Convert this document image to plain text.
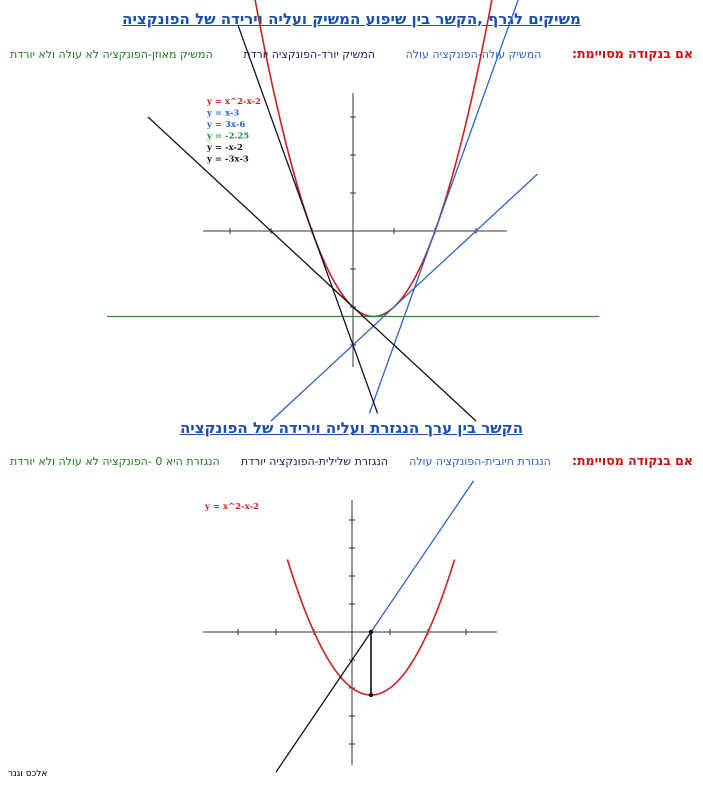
משיקים לגרף ,הקשר בין שיפוע המשיק ועליה וירידה של הפונקציה

אם בנקודה מסויימת:
המשיק עולה-הפונקציה עולה
המשיק יורד-הפונקציה יורדת
המשיק מאוזן-הפונקציה לא עולה ולא יורדת
y = x^2-x-2
y = x-3
y = 3x-6
y = -2.25
y = -x-2
y = -3x-3

הקשר בין ערך הנגזרת ועליה וירידה של הפונקציה

אם בנקודה מסויימת:
הנגזרת חיובית-הפונקציה עולה
הנגזרת שלילית-הפונקציה יורדת
הנגזרת היא 0 -הפונקציה לא עולה ולא יורדת
y = x^2-x-2

אלכס וגנר
